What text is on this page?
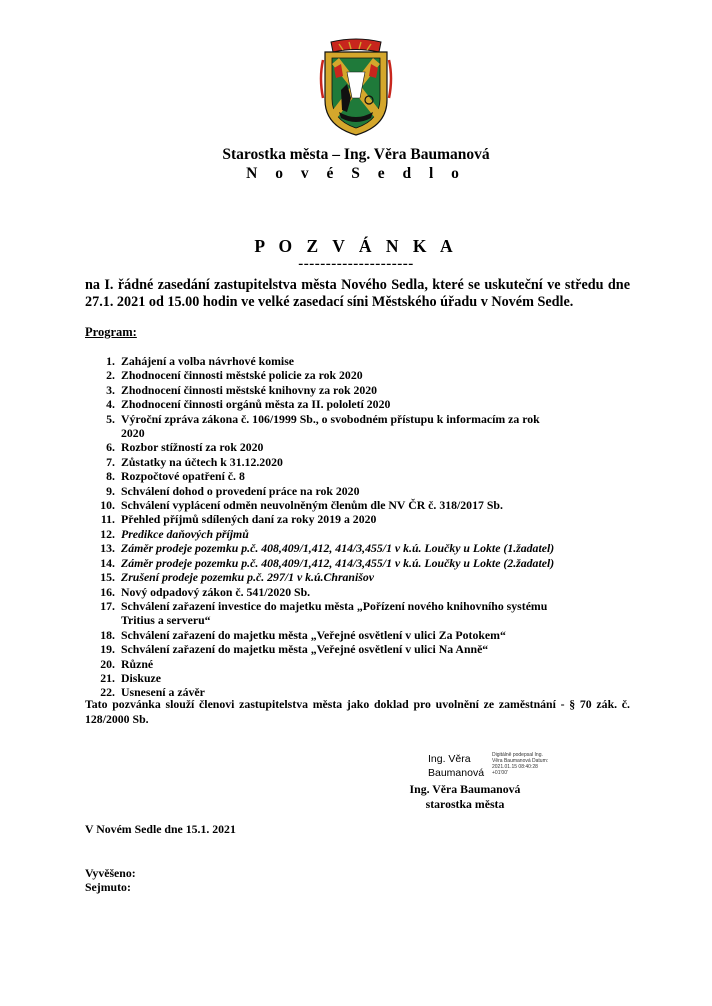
Starostka města – Ing. Věra Baumanová
N o v é S e d l o
P O Z V Á N K A
---------------------
na I. řádné zasedání zastupitelstva města Nového Sedla, které se uskuteční ve středu dne 27.1. 2021 od 15.00 hodin ve velké zasedací síni Městského úřadu v Novém Sedle.
Program:
1. Zahájení a volba návrhové komise
2. Zhodnocení činnosti městské policie za rok 2020
3. Zhodnocení činnosti městské knihovny za rok 2020
4. Zhodnocení činnosti orgánů města za II. pololetí 2020
5. Výroční zpráva zákona č. 106/1999 Sb., o svobodném přístupu k informacím za rok 2020
6. Rozbor stížností za rok 2020
7. Zůstatky na účtech k 31.12.2020
8. Rozpočtové opatření č. 8
9. Schválení dohod o provedení práce na rok 2020
10. Schválení vyplácení odměn neuvolněným členům dle NV ČR č. 318/2017 Sb.
11. Přehled příjmů sdílených daní za roky 2019 a 2020
12. Predikce daňových příjmů
13. Záměr prodeje pozemku p.č. 408,409/1,412, 414/3,455/1 v k.ú. Loučky u Lokte (1.žadatel)
14. Záměr prodeje pozemku p.č. 408,409/1,412, 414/3,455/1 v k.ú. Loučky u Lokte (2.žadatel)
15. Zrušení prodeje pozemku p.č. 297/1 v k.ú.Chranišov
16. Nový odpadový zákon č. 541/2020 Sb.
17. Schválení zařazení investice do majetku města „Pořízení nového knihovního systému Tritius a serveru“
18. Schválení zařazení do majetku města „Veřejné osvětlení v ulici Za Potokem“
19. Schválení zařazení do majetku města „Veřejné osvětlení v ulici Na Anně“
20. Různé
21. Diskuze
22. Usnesení a závěr
Tato pozvánka slouží členovi zastupitelstva města jako doklad pro uvolnění ze zaměstnání - § 70 zák. č. 128/2000 Sb.
Ing. Věra
Baumanová
Digitálně podepsal Ing. Věra Baumanová Datum: 2021.01.15 08:40:28 +01'00'
Ing. Věra Baumanová
starostka města
V Novém Sedle dne 15.1. 2021
Vyvěšeno:
Sejmuto:
